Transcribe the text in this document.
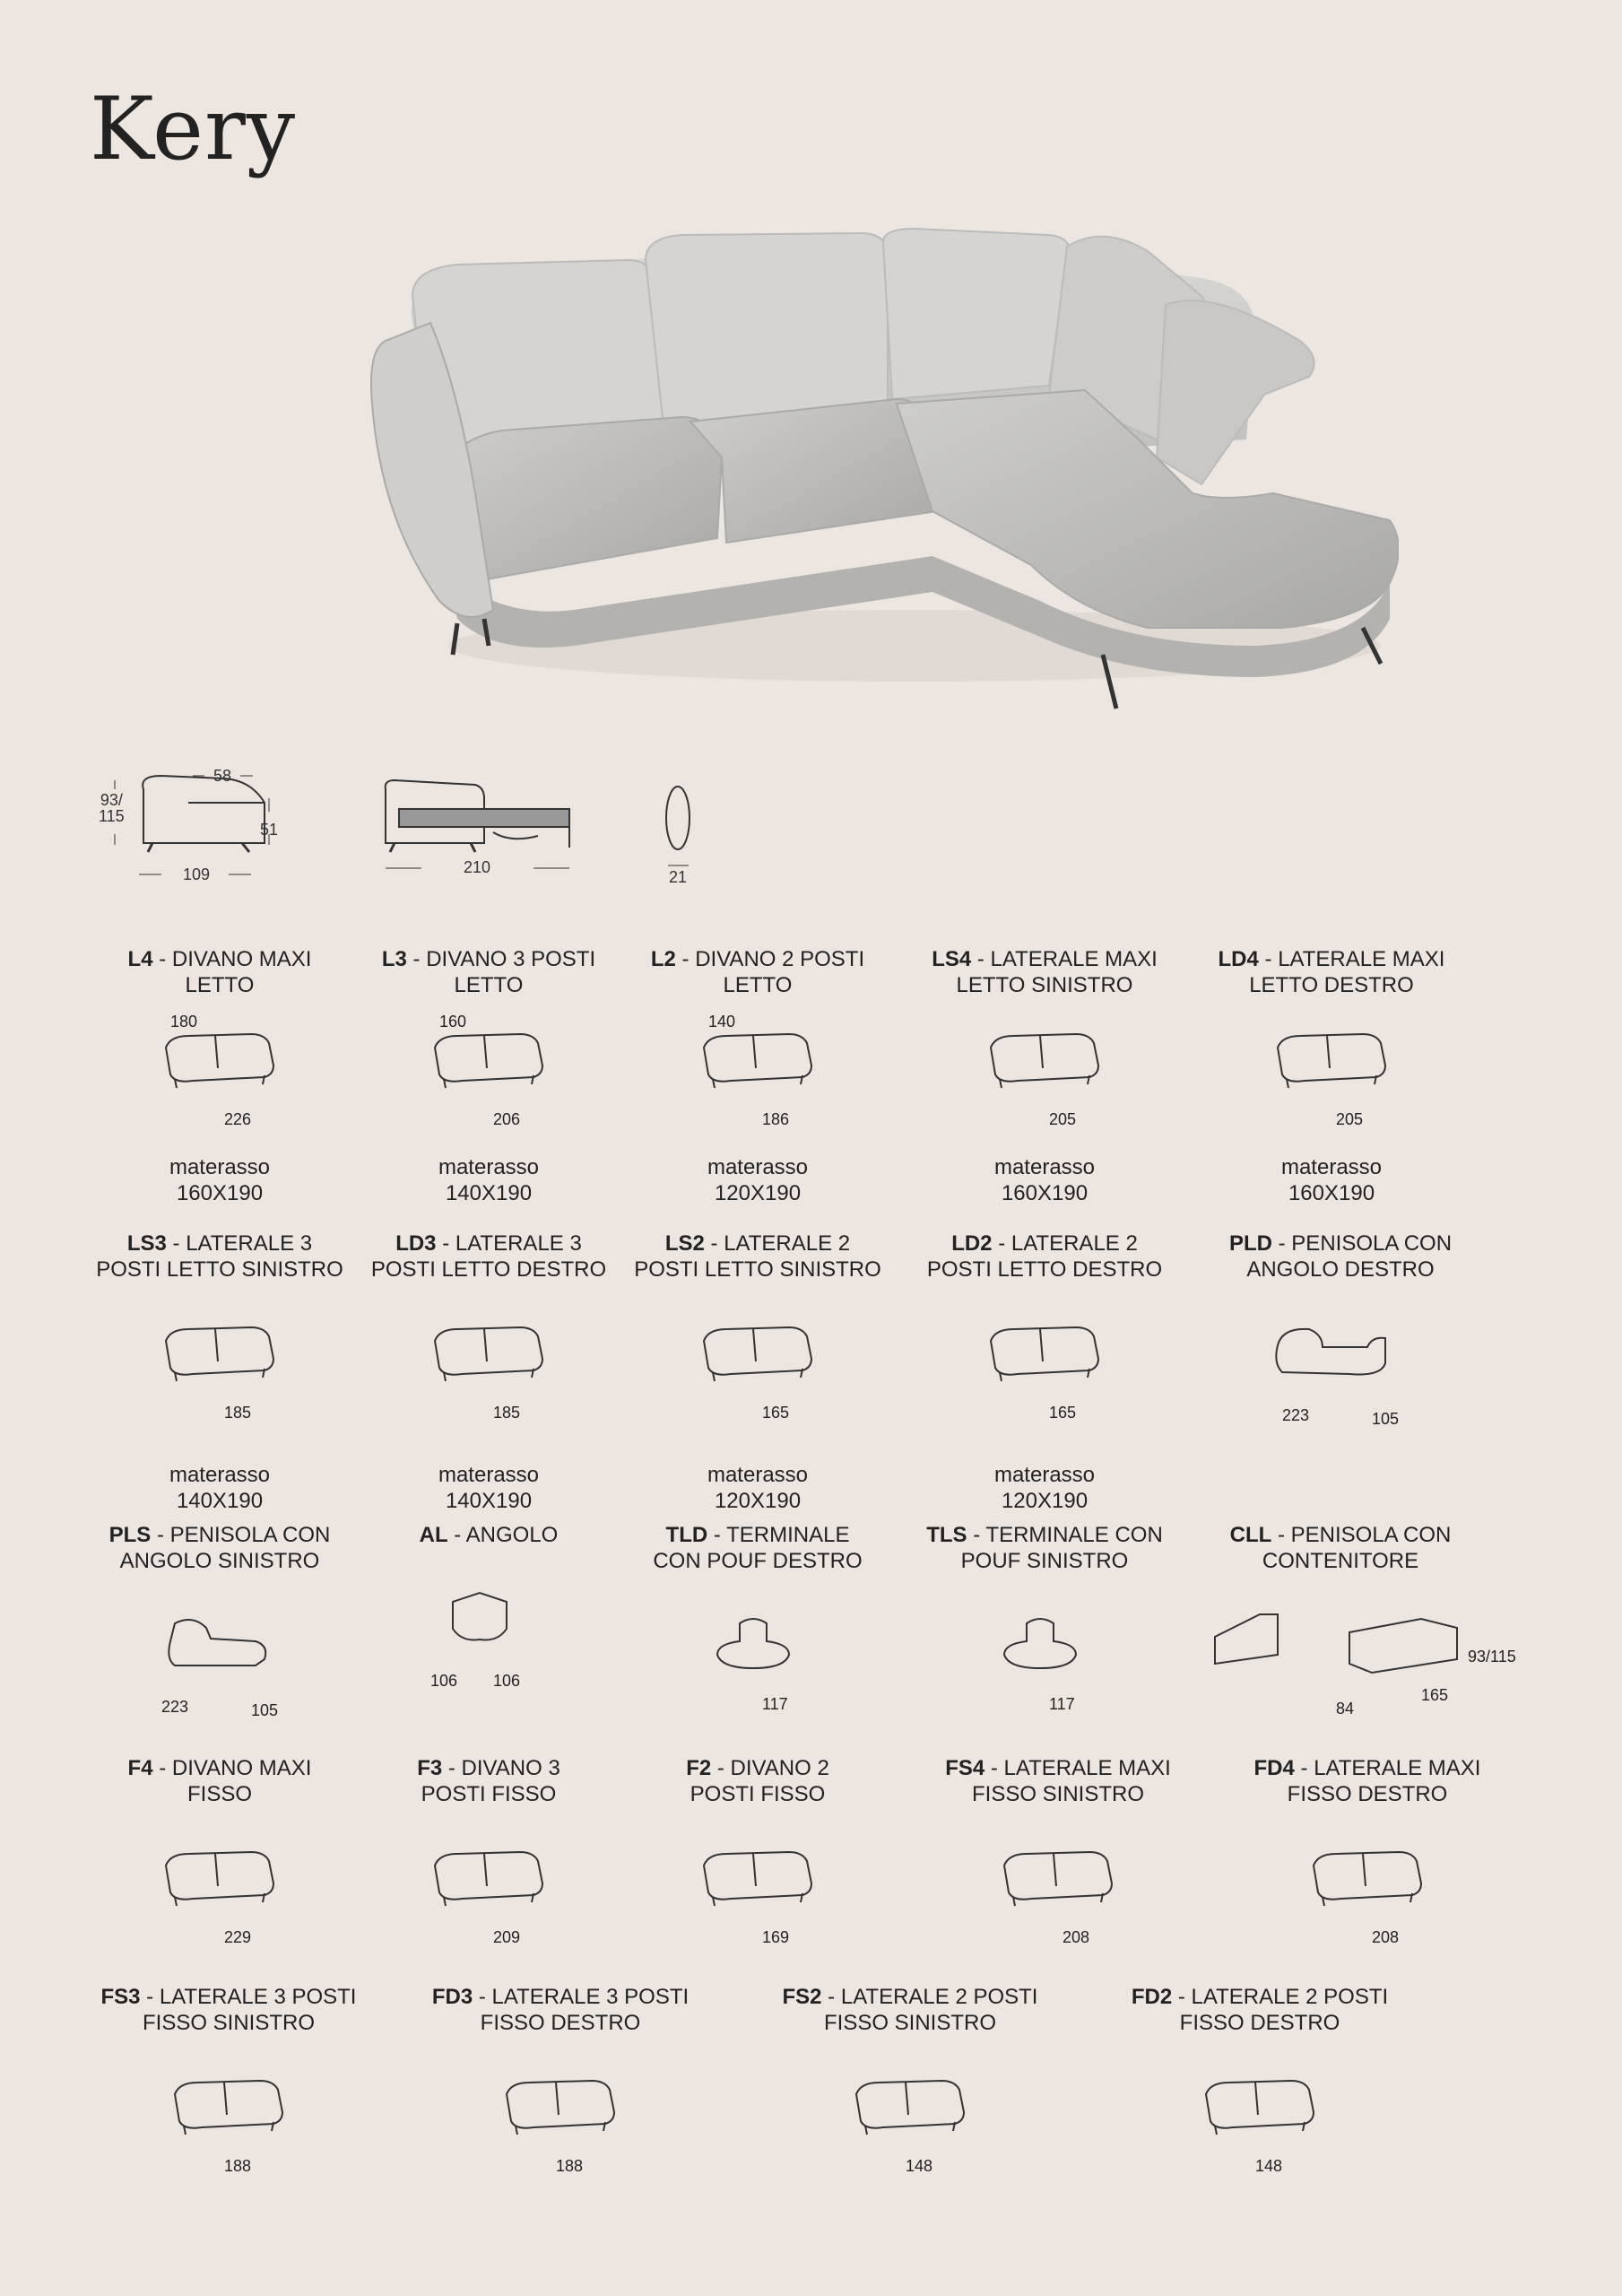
Kery
93/
115
58
51
109	210
21
L4 - DIVANO MAXI
LETTO
180
226
materasso
160X190
L3 - DIVANO 3 POSTI
LETTO
160
206
materasso
140X190
L2 - DIVANO 2 POSTI
LETTO
140
186
materasso
120X190
LS4 - LATERALE MAXI
LETTO SINISTRO
205
materasso
160X190
LD4 - LATERALE MAXI
LETTO DESTRO
205
materasso
160X190
LS3 - LATERALE 3
POSTI LETTO SINISTRO
185
materasso
140X190
LD3 - LATERALE 3
POSTI LETTO DESTRO
185
materasso
140X190
LS2 - LATERALE 2
POSTI LETTO SINISTRO
165
materasso
120X190
LD2 - LATERALE 2
POSTI LETTO DESTRO
165
materasso
120X190
PLD - PENISOLA CON
ANGOLO DESTRO
223	105
PLS - PENISOLA CON
ANGOLO SINISTRO
223	105
AL - ANGOLO
106 106
TLD - TERMINALE
CON POUF DESTRO
117
TLS - TERMINALE CON
POUF SINISTRO
117
CLL - PENISOLA CON
CONTENITORE
84
165
93/115
F4 - DIVANO MAXI
FISSO
229
F3 - DIVANO 3
POSTI FISSO
209
F2 - DIVANO 2
POSTI FISSO
169
FS4 - LATERALE MAXI
FISSO SINISTRO
208
FD4 - LATERALE MAXI
FISSO DESTRO
208
FS3 - LATERALE 3 POSTI
FISSO SINISTRO
188
FD3 - LATERALE 3 POSTI
FISSO DESTRO
188
FS2 - LATERALE 2 POSTI
FISSO SINISTRO
148
FD2 - LATERALE 2 POSTI
FISSO DESTRO
148
